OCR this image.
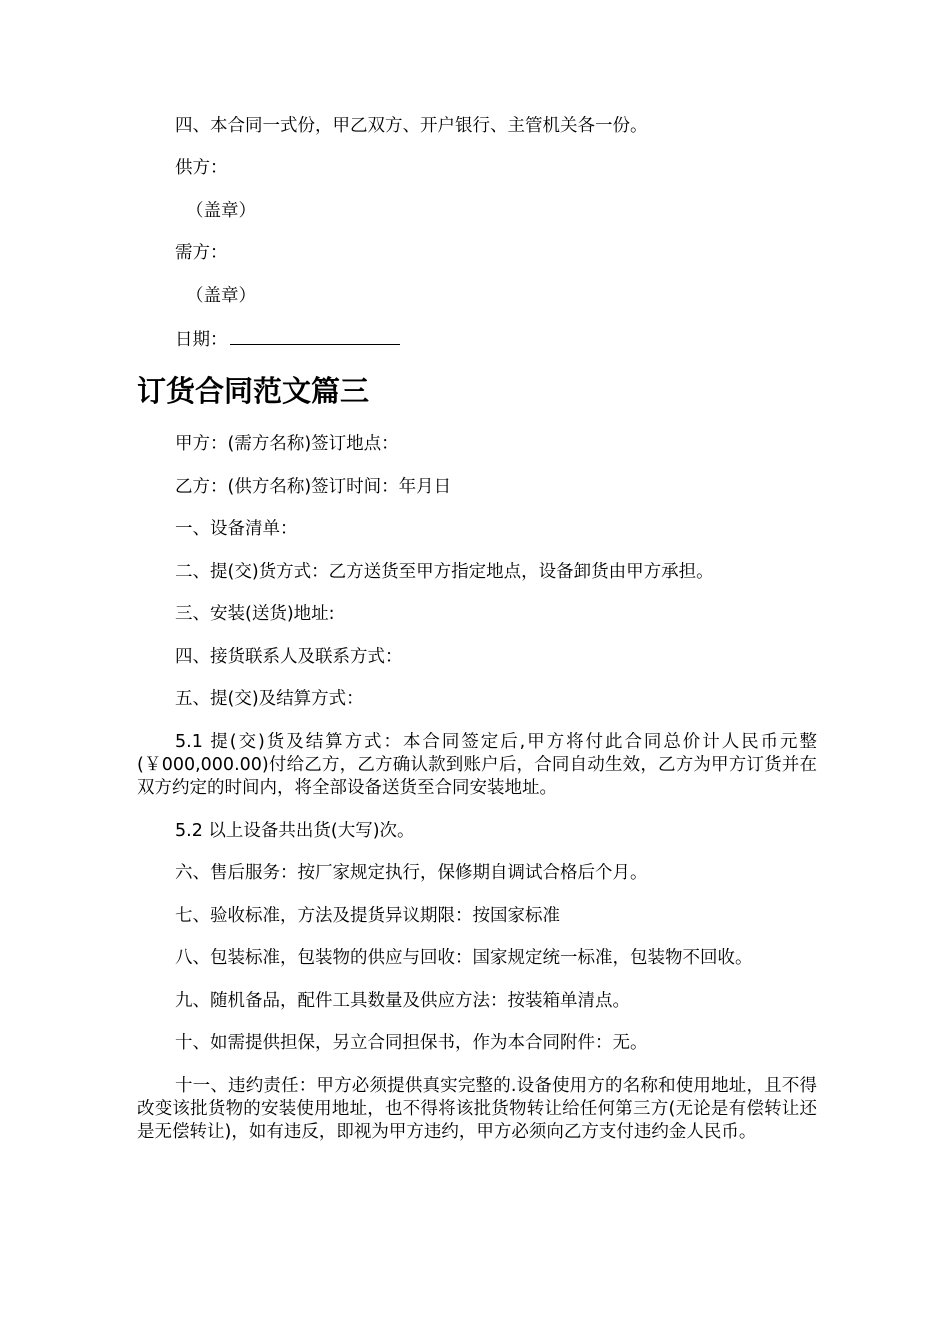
四、本合同一式份，甲乙双方、开户银行、主管机关各一份。
供方：
（盖章）
需方：
（盖章）
日期：
订货合同范文篇三
甲方：(需方名称)签订地点：
乙方：(供方名称)签订时间：年月日
一、设备清单：
二、提(交)货方式：乙方送货至甲方指定地点，设备卸货由甲方承担。
三、安装(送货)地址:
四、接货联系人及联系方式：
五、提(交)及结算方式：
5.1 提(交)货及结算方式：本合同签定后,甲方将付此合同总价计人民币元整(￥000,000.00)付给乙方，乙方确认款到账户后，合同自动生效，乙方为甲方订货并在双方约定的时间内，将全部设备送货至合同安装地址。
5.2 以上设备共出货(大写)次。
六、售后服务：按厂家规定执行，保修期自调试合格后个月。
七、验收标准，方法及提货异议期限：按国家标准
八、包装标准，包装物的供应与回收：国家规定统一标准，包装物不回收。
九、随机备品，配件工具数量及供应方法：按装箱单清点。
十、如需提供担保，另立合同担保书，作为本合同附件：无。
十一、违约责任：甲方必须提供真实完整的.设备使用方的名称和使用地址，且不得改变该批货物的安装使用地址，也不得将该批货物转让给任何第三方(无论是有偿转让还是无偿转让)，如有违反，即视为甲方违约，甲方必须向乙方支付违约金人民币。
